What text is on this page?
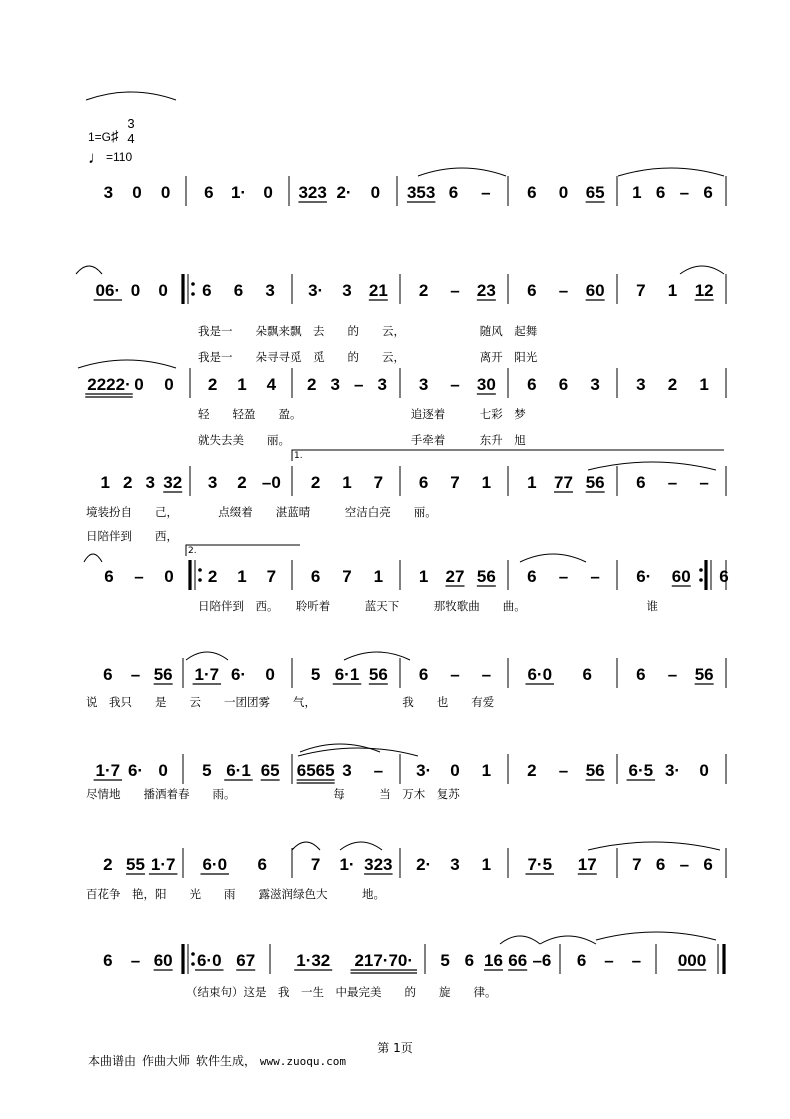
1=G♯
3
4
♩=110
3 0 0 6 1· 0 323 2· 0 353 6 – 6 0 65 1 6 – 6
06· 0 0 6 6 3 3· 3 21 2 – 23 6 – 60 7 1 12
我是一　　朵飘来飘　去　　的　　云，　　　　　　　随风　起舞
我是一　　朵寻寻觅　觅　　的　　云，　　　　　　　离开　阳光
2222· 0 0 2 1 4 2 3 – 3 3 – 30 6 6 3 3 2 1
轻　　轻盈　　盈。　　　　　　　　　　追逐着　　　七彩　梦
就失去美　　丽。　　　　　　　　　　　手牵着　　　东升　旭
1 2 3 32 3 2 –0 2 1 7 6 7 1 1 77 56 6 – –
境装扮自　　己，　　　　点缀着　　湛蓝晴　　　空洁白亮　　丽。
日陪伴到　　西，
6 – 0 2 1 7 6 7 1 1 27 56 6 – – 6· 60 6
日陪伴到　西。　　聆听着　　　蓝天下　　　那牧歌曲　　曲。　　　　　　　　　　　谁
6 – 56 1·7 6· 0 5 6·1 56 6 – – 6·0 6	6 – 56
说　我只　　是　　云　　一团团雾　　气，　　　　　　　　我　　也　　有爱
1·7 6· 0 5 6·1 65 6565 3 – 3· 0 1 2 – 56 6·5 3· 0
尽情地　　播洒着春　　雨。　　　　　　　　　每　　　当　万木　复苏
2 55 1·7 6·0 6	7 1· 323 2· 3 1 7·5 17 7 6 – 6
百花争　艳，阳　　光　　雨　　露滋润绿色大　　　地。
6 – 60 6·0 67 1·32 217·70· 5 6 16 66 –6 6 – – 000
（结束句）这是　我　一生　中最完美　　的　　旋　　律。
1.
2.
第 1页
本曲谱由 作曲大师 软件生成， www.zuoqu.com
